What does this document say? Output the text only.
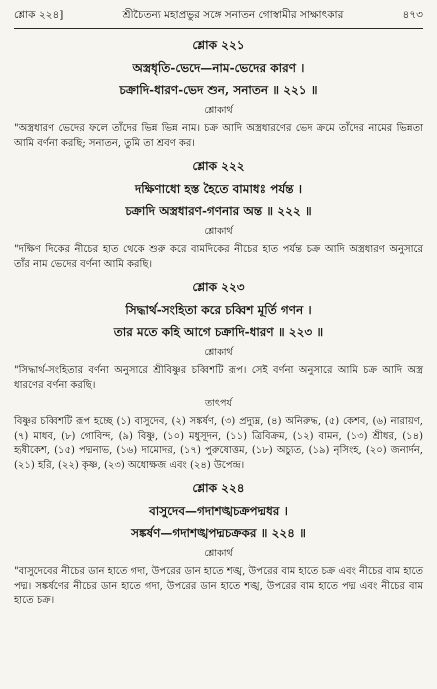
শ্লোক ২২৪]	শ্রীচৈতন্য মহাপ্রভুর সঙ্গে সনাতন গোস্বামীর সাক্ষাৎকার	৪৭৩
শ্লোক ২২১
অস্ত্রধৃতি-ভেদে—নাম-ভেদের কারণ ।
চক্রাদি-ধারণ-ভেদ শুন, সনাতন ॥ ২২১ ॥
শ্লোকার্থ

"অস্ত্রধারণ ভেদের ফলে তাঁদের ভিন্ন ভিন্ন নাম। চক্র আদি অস্ত্রধারণের ভেদ ক্রমে তাঁদের নামের ভিন্নতা আমি বর্ণনা করছি; সনাতন, তুমি তা শ্রবণ কর।

শ্লোক ২২২
দক্ষিণাধো হস্ত হৈতে বামাধঃ পর্যন্ত ।
চক্রাদি অস্ত্রধারণ-গণনার অন্ত ॥ ২২২ ॥
শ্লোকার্থ

"দক্ষিণ দিকের নীচের হাত থেকে শুরু করে বামদিকের নীচের হাত পর্যন্ত চক্র আদি অস্ত্রধারণ অনুসারে তাঁর নাম ভেদের বর্ণনা আমি করছি।

শ্লোক ২২৩
সিদ্ধার্থ-সংহিতা করে চব্বিশ মূর্তি গণন ।
তার মতে কহি আগে চক্রাদি-ধারণ ॥ ২২৩ ॥
শ্লোকার্থ

"সিদ্ধার্থ-সংহিতার বর্ণনা অনুসারে শ্রীবিষ্ণুর চব্বিশটি রূপ। সেই বর্ণনা অনুসারে আমি চক্র আদি অস্ত্র ধারণের বর্ণনা করছি।

তাৎপর্য

বিষ্ণুর চব্বিশটি রূপ হচ্ছে (১) বাসুদেব, (২) সঙ্কর্ষণ, (৩) প্রদ্যুম্ন, (৪) অনিরুদ্ধ, (৫) কেশব, (৬) নারায়ণ, (৭) মাধব, (৮) গোবিন্দ, (৯) বিষ্ণু, (১০) মধুসূদন, (১১) ত্রিবিক্রম, (১২) বামন, (১৩) শ্রীধর, (১৪) হৃষীকেশ, (১৫) পদ্মনাভ, (১৬) দামোদর, (১৭) পুরুষোত্তম, (১৮) অচ্যুত, (১৯) নৃসিংহ, (২০) জনার্দন, (২১) হরি, (২২) কৃষ্ণ, (২৩) অধোক্ষজ এবং (২৪) উপেন্দ্র।

শ্লোক ২২৪
বাসুদেব—গদাশঙ্খচক্রপদ্মধর ।
সঙ্কর্ষণ—গদাশঙ্খপদ্মচক্রকর ॥ ২২৪ ॥
শ্লোকার্থ

"বাসুদেবের নীচের ডান হাতে গদা, উপরের ডান হাতে শঙ্খ, উপরের বাম হাতে চক্র এবং নীচের বাম হাতে পদ্ম। সঙ্কর্ষণের নীচের ডান হাতে গদা, উপরের ডান হাতে শঙ্খ, উপরের বাম হাতে পদ্ম এবং নীচের বাম হাতে চক্র।
